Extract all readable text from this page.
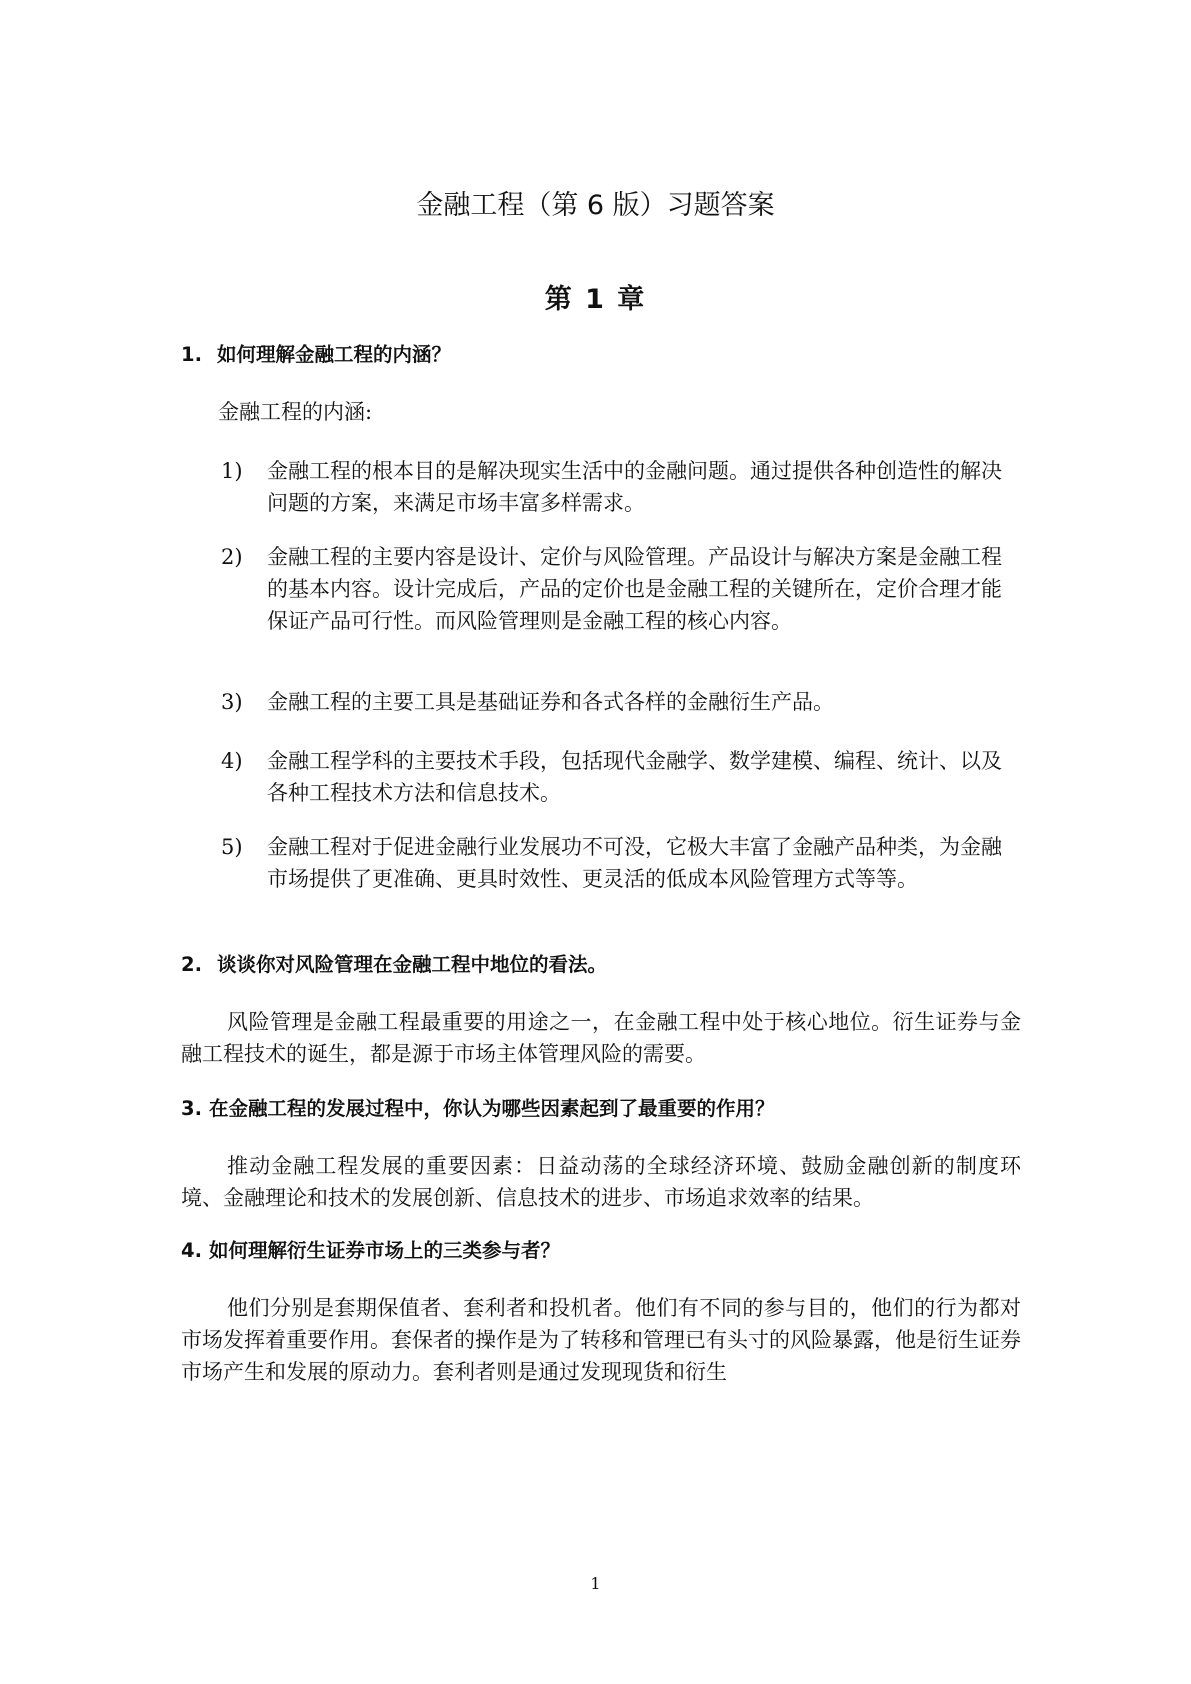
金融工程（第 6 版）习题答案
第 1 章
1. 如何理解金融工程的内涵？
金融工程的内涵:
1)	金融工程的根本目的是解决现实生活中的金融问题。通过提供各种创造性的解决问题的方案，来满足市场丰富多样需求。
2)	金融工程的主要内容是设计、定价与风险管理。产品设计与解决方案是金融工程的基本内容。设计完成后，产品的定价也是金融工程的关键所在，定价合理才能保证产品可行性。而风险管理则是金融工程的核心内容。
3)	金融工程的主要工具是基础证券和各式各样的金融衍生产品。
4)	金融工程学科的主要技术手段，包括现代金融学、数学建模、编程、统计、以及各种工程技术方法和信息技术。
5)	金融工程对于促进金融行业发展功不可没，它极大丰富了金融产品种类，为金融市场提供了更准确、更具时效性、更灵活的低成本风险管理方式等等。
2. 谈谈你对风险管理在金融工程中地位的看法。
风险管理是金融工程最重要的用途之一，在金融工程中处于核心地位。衍生证券与金融工程技术的诞生，都是源于市场主体管理风险的需要。
3. 在金融工程的发展过程中，你认为哪些因素起到了最重要的作用？
推动金融工程发展的重要因素：日益动荡的全球经济环境、鼓励金融创新的制度环境、金融理论和技术的发展创新、信息技术的进步、市场追求效率的结果。
4. 如何理解衍生证券市场上的三类参与者？
他们分别是套期保值者、套利者和投机者。他们有不同的参与目的，他们的行为都对市场发挥着重要作用。套保者的操作是为了转移和管理已有头寸的风险暴露，他是衍生证券市场产生和发展的原动力。套利者则是通过发现现货和衍生
1
